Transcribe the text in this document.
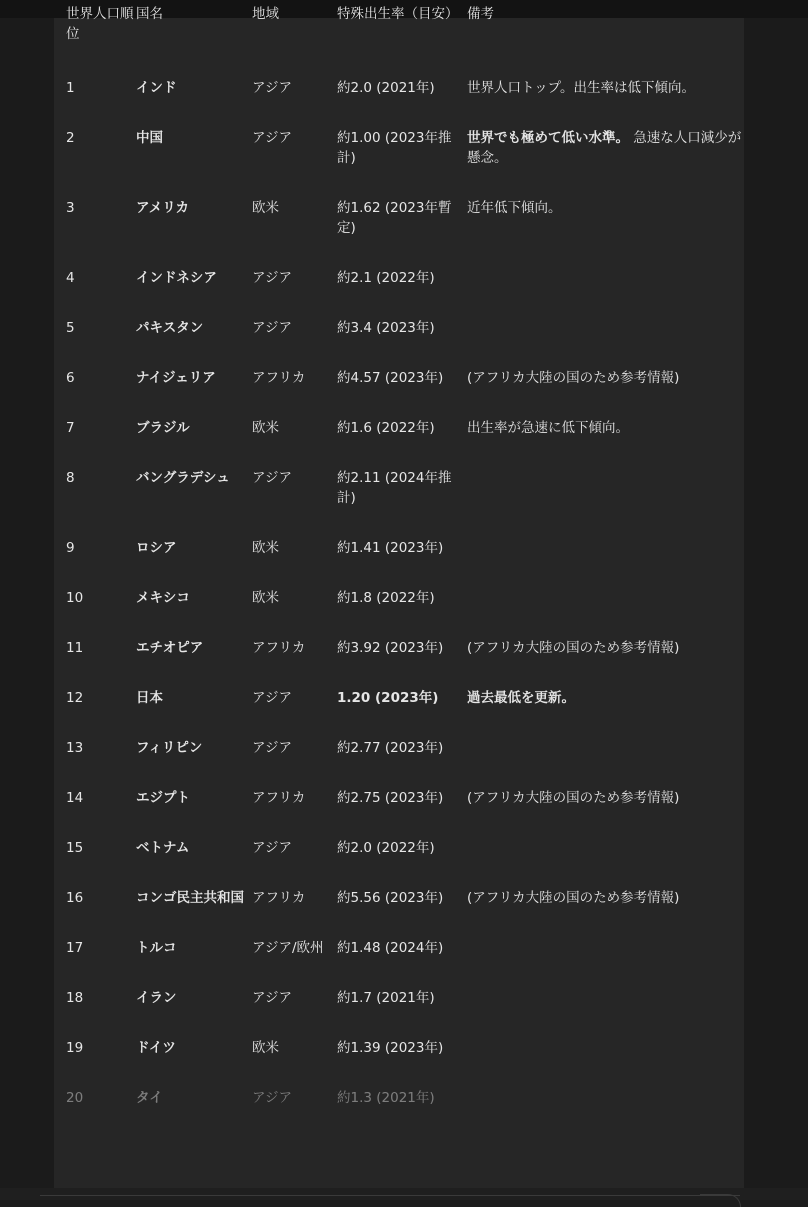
世界人口順位	国名	地域	特殊出生率（目安）	備考
1	インド	アジア	約2.0 (2021年)	世界人口トップ。出生率は低下傾向。
2	中国	アジア	約1.00 (2023年推計)	世界でも極めて低い水準。 急速な人口減少が懸念。
3	アメリカ	欧米	約1.62 (2023年暫定)	近年低下傾向。
4	インドネシア	アジア	約2.1 (2022年)	
5	パキスタン	アジア	約3.4 (2023年)	
6	ナイジェリア	アフリカ	約4.57 (2023年)	(アフリカ大陸の国のため参考情報)
7	ブラジル	欧米	約1.6 (2022年)	出生率が急速に低下傾向。
8	バングラデシュ	アジア	約2.11 (2024年推計)	
9	ロシア	欧米	約1.41 (2023年)	
10	メキシコ	欧米	約1.8 (2022年)	
11	エチオピア	アフリカ	約3.92 (2023年)	(アフリカ大陸の国のため参考情報)
12	日本	アジア	1.20 (2023年)	過去最低を更新。
13	フィリピン	アジア	約2.77 (2023年)	
14	エジプト	アフリカ	約2.75 (2023年)	(アフリカ大陸の国のため参考情報)
15	ベトナム	アジア	約2.0 (2022年)	
16	コンゴ民主共和国	アフリカ	約5.56 (2023年)	(アフリカ大陸の国のため参考情報)
17	トルコ	アジア/欧州	約1.48 (2024年)	
18	イラン	アジア	約1.7 (2021年)	
19	ドイツ	欧米	約1.39 (2023年)	
20	タイ	アジア	約1.3 (2021年)	
